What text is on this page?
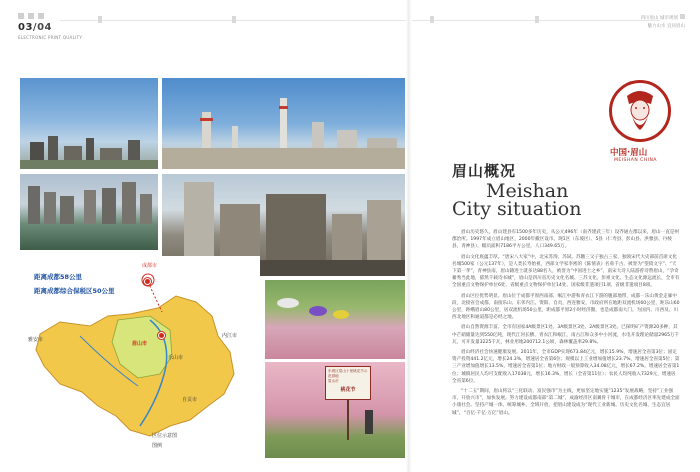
03/04
ELECTRONIC PRINT QUALITY
四川眉山 城市规划
魅力山水 宜居眉山
东坡区眉山十里桃花节示范基地
眉山市
桃花节
距离成都58公里
距离成都综合保税区50公里
成都市
雅安市
乐山市
内江市
眉山市
自贡市
区位示意图
图例
中国·眉山
MEISHAN CHINA
眉山概况
Meishan
City situation

眉山历史悠久。眉山建县有1500多年历史，从公元496年（南齐建武三年）设齐通左郡以来，眉山一直是州郡治所。1997年成立眉山地区，2000年撤区设市。现1区（东坡区）、5县（仁寿县、彭山县、洪雅县、丹棱县、青神县），幅员面积7186平方公里，人口349.65万。

眉山文化底蕴丰厚。“唐宋八大家”中，北宋苏洵、苏轼、苏辙三父子独占三家，独领宋代大史部前首席文化名城500家（公元137年），是人类长寿始祖，西部文学家李密的《陈情表》名垂千古，被誉为“望债文字”、“天下第一孝”，青神县南，眉山籍进士就多达88名人，被誉为“中国进士之乡”，南宋大诗人陆游曾诗赞眉山，“孕奇蓄秀当此地，郁然千载诗书城”，眉山是四川省历史文化名城、三苏文化、彭祖文化、生态文化源远流长，全市有全国重点文物保护单位6处、省级重点文物保护单位14处、国家级非遗项目1项、省级非遗项目8项。

眉山区位优势明显。眉山位于成都平原西南部，岷江中游和青衣江下游的腹部地带，成都一乐山黄金走廊中段，北接省会成都，南接乐山、东邻内江、资阳、自贡，西连雅安，市政府所在地距双流机场60公里，距乐山60公里，距峨眉山80公里，居双流机场50公里、距成都平原2小时经济圈，也是成都南大门。为国内、川西及、川西北地区和通道都是必经之地。

眉山自然资源丰富。全市有国家4A级景区1处、3A级景区3处、2A级景区3处。已探明矿产资源20多种，其中芒硝储量达到550亿吨，现代江河长横、青衣江和岷江，南古江和众多中小河流，水电开发理论储量2965万千瓦，可开发量3225千瓦，林业用地200712.1公顷，森林覆盖率29.8%。

眉山经济社会快速健康发展。2011年，全市GDP实现673.84亿元，增长15.9%，增速居全省第3位；固定资产投资441.2亿元，增长24.3%，增速居全省第6位；规模以上工业增加值增长23.7%，增速居全省第5位；第三产业增加值增长13.5%，增速居全省第1位；地方财政一般预算收入34.08亿元，增长67.2%，增速居全省第1位；城镇居民人均可支配收入17038元，增长16.3%，增长（全省第11位）；农民人均纯收入7329元，增速居全省第6位。

“十二五”期间，眉山将以“三化联动、富民强市”为主线，更加坚定地实施“1235”发展战略，坚持“工业强市、开放兴市”，加快发展。努力建设成都南部“第二城”、成渝经济区南翼骨干城市，在成都经济区率先建成全面小康社会。坚持产城一体、统筹城乡、全域开放，把眉山建设成为“现代工业新城、历史文化名城、生态宜居城”，“百亿·千亿·万亿”眉山。
